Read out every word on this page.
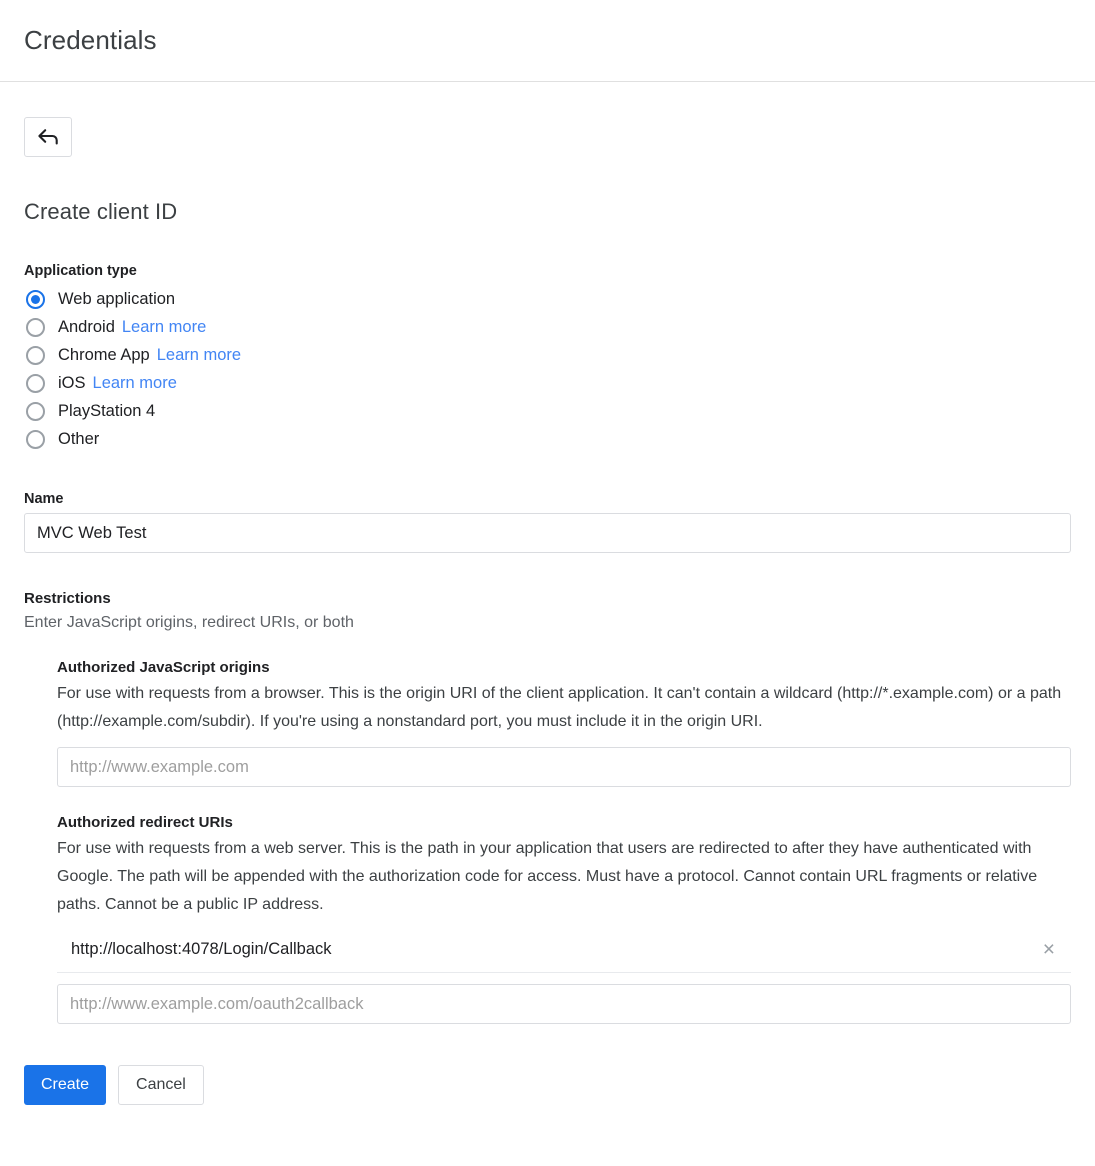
Credentials
Create client ID
Application type
Web application
Android Learn more
Chrome App Learn more
iOS Learn more
PlayStation 4
Other
Name
MVC Web Test
Restrictions
Enter JavaScript origins, redirect URIs, or both
Authorized JavaScript origins
For use with requests from a browser. This is the origin URI of the client application. It can't contain a wildcard (http://*.example.com) or a path (http://example.com/subdir). If you're using a nonstandard port, you must include it in the origin URI.
http://www.example.com
Authorized redirect URIs
For use with requests from a web server. This is the path in your application that users are redirected to after they have authenticated with Google. The path will be appended with the authorization code for access. Must have a protocol. Cannot contain URL fragments or relative paths. Cannot be a public IP address.
http://localhost:4078/Login/Callback	×
http://www.example.com/oauth2callback
Create	Cancel
